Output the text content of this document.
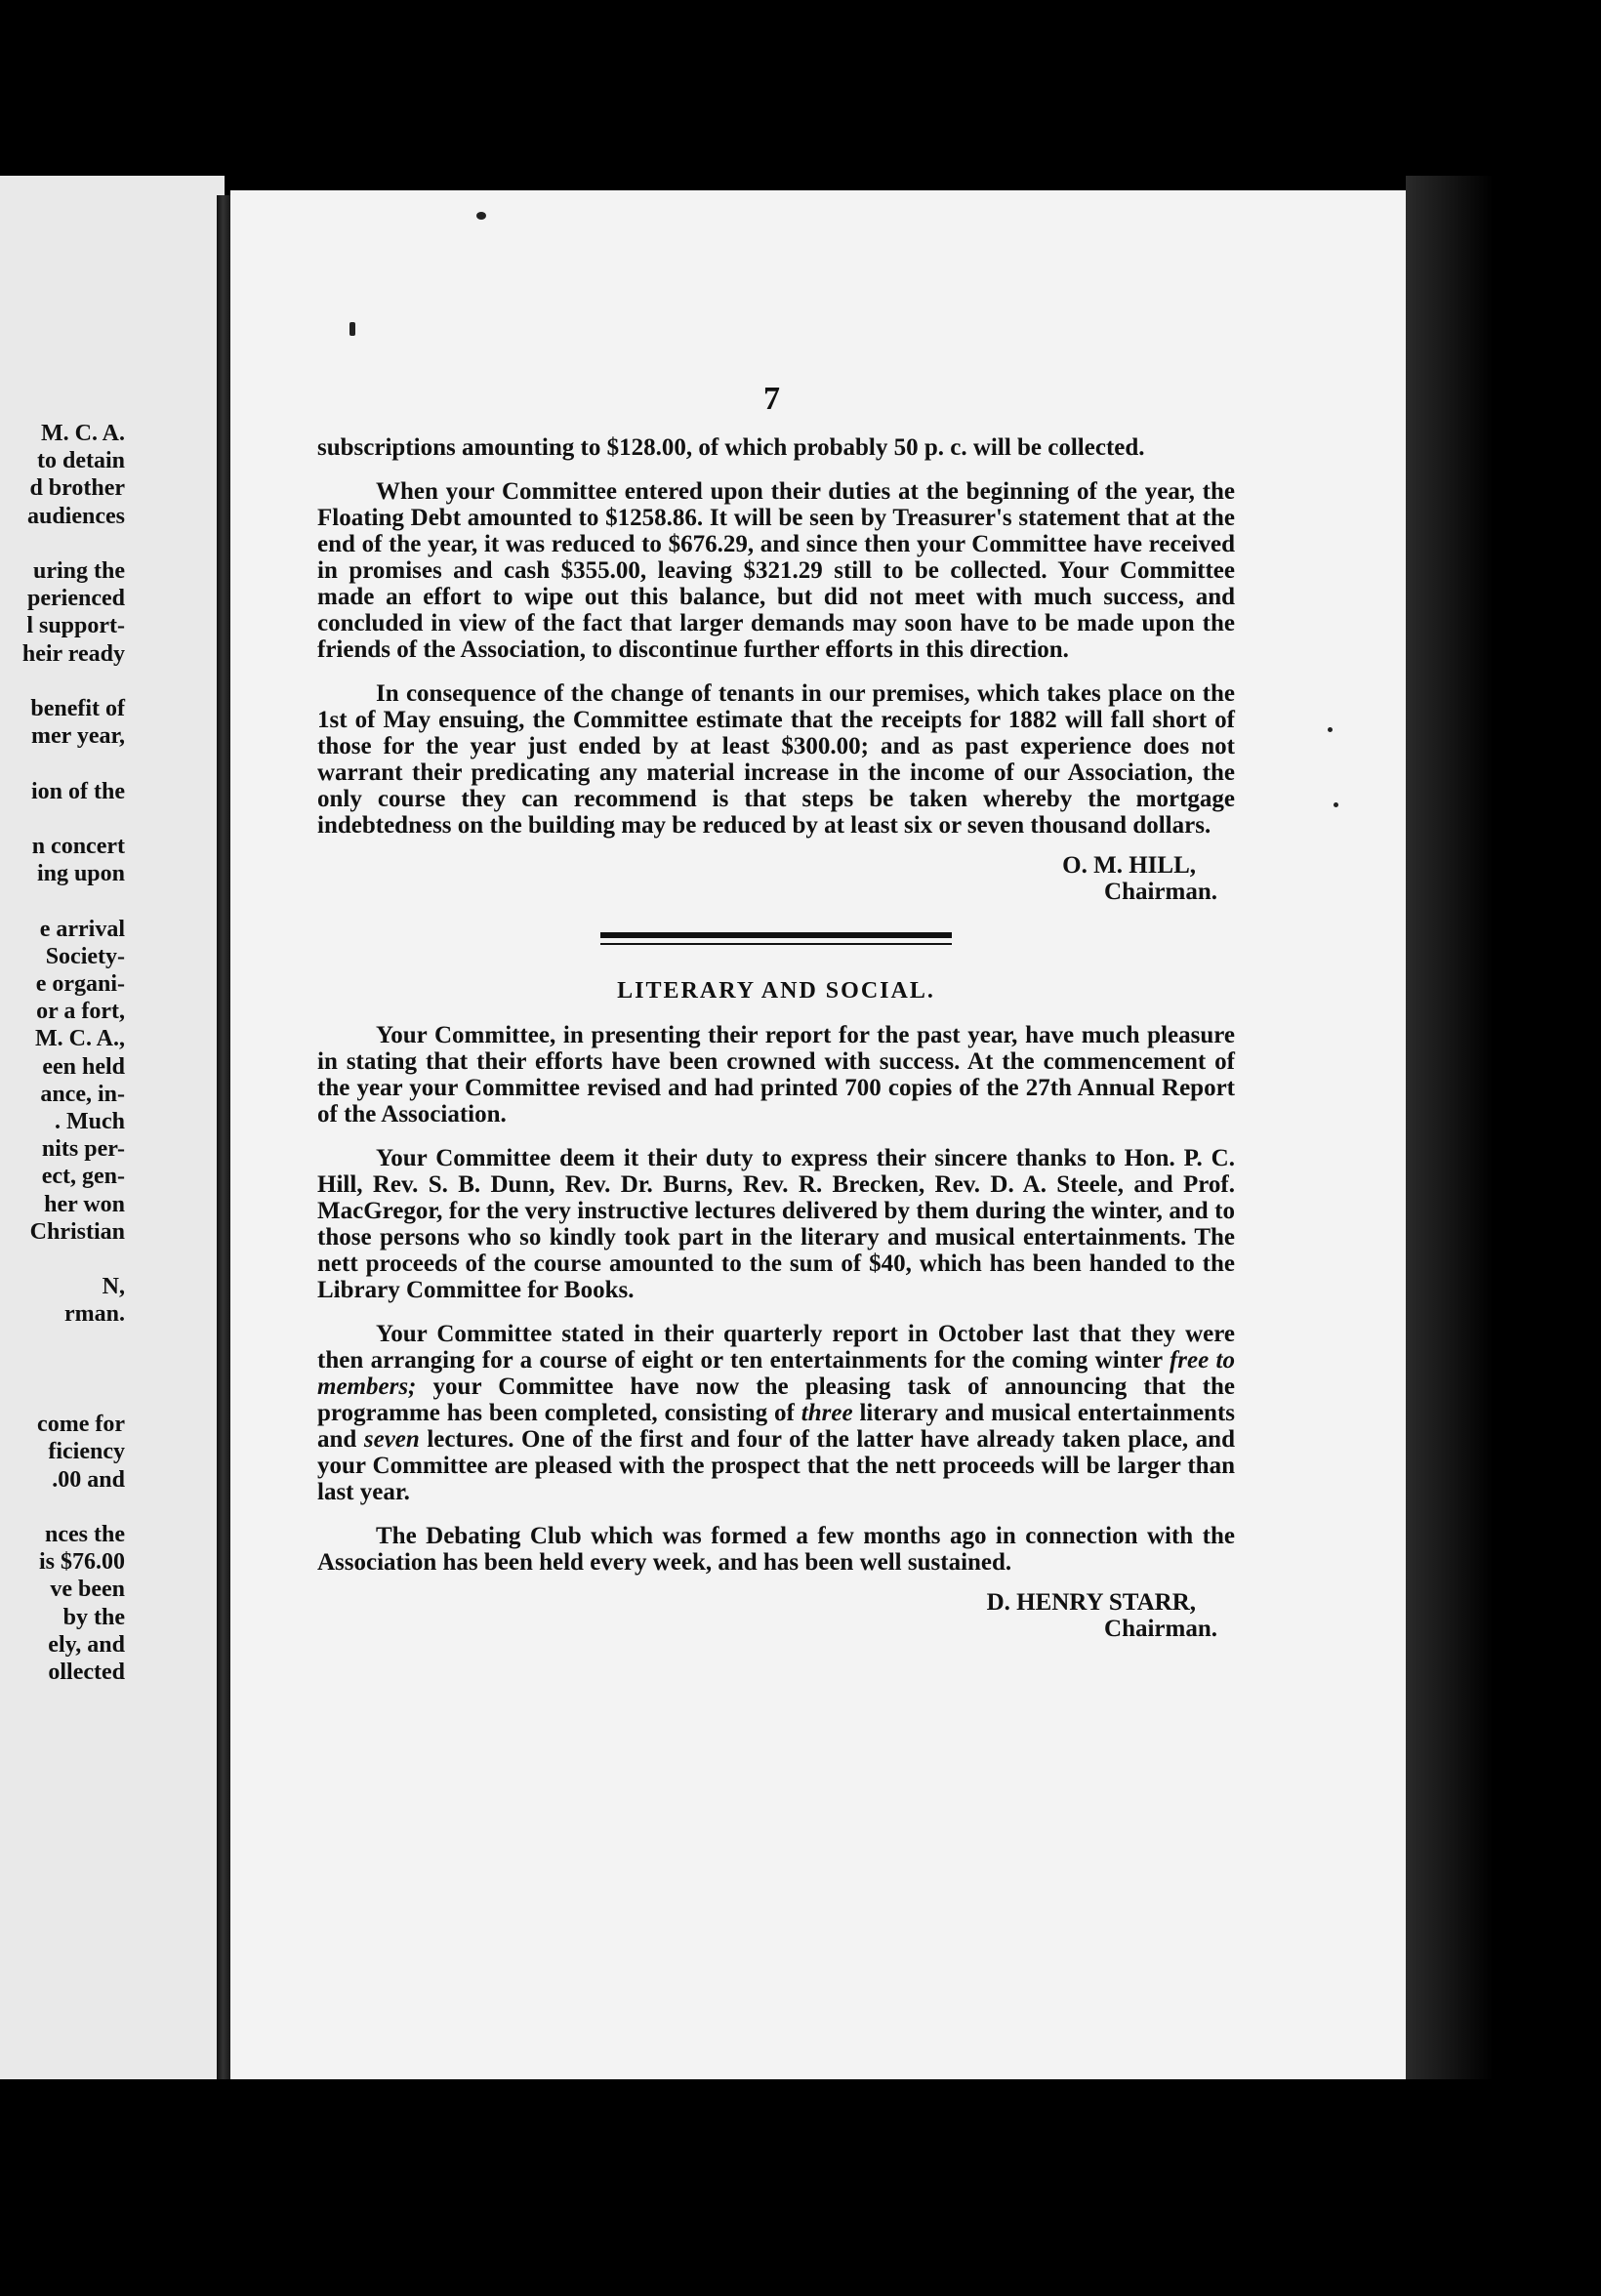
M. C. A.
to detain
d brother
audiences
uring the
perienced
l support-
heir ready
benefit of
mer year,
ion of the
n concert
ing upon
e arrival
Society-
e organi-
or a fort,
M. C. A.,
een held
ance, in-
. Much
nits per-
ect, gen-
her won
Christian
N,
rman.
come for
ficiency
.00 and
nces the
is $76.00
ve been
by the
ely, and
ollected
7

subscriptions amounting to $128.00, of which probably 50 p. c. will be collected.

When your Committee entered upon their duties at the beginning of the year, the Floating Debt amounted to $1258.86. It will be seen by Treasurer's statement that at the end of the year, it was reduced to $676.29, and since then your Committee have received in promises and cash $355.00, leaving $321.29 still to be collected. Your Committee made an effort to wipe out this balance, but did not meet with much success, and concluded in view of the fact that larger demands may soon have to be made upon the friends of the Association, to discontinue further efforts in this direction.

In consequence of the change of tenants in our premises, which takes place on the 1st of May ensuing, the Committee estimate that the receipts for 1882 will fall short of those for the year just ended by at least $300.00; and as past experience does not warrant their predicating any material increase in the income of our Association, the only course they can recommend is that steps be taken whereby the mortgage indebtedness on the building may be reduced by at least six or seven thousand dollars.

O. M. HILL,
Chairman.
LITERARY AND SOCIAL.

Your Committee, in presenting their report for the past year, have much pleasure in stating that their efforts have been crowned with success. At the commencement of the year your Committee revised and had printed 700 copies of the 27th Annual Report of the Association.

Your Committee deem it their duty to express their sincere thanks to Hon. P. C. Hill, Rev. S. B. Dunn, Rev. Dr. Burns, Rev. R. Brecken, Rev. D. A. Steele, and Prof. MacGregor, for the very instructive lectures delivered by them during the winter, and to those persons who so kindly took part in the literary and musical entertainments. The nett proceeds of the course amounted to the sum of $40, which has been handed to the Library Committee for Books.

Your Committee stated in their quarterly report in October last that they were then arranging for a course of eight or ten entertainments for the coming winter free to members; your Committee have now the pleasing task of announcing that the programme has been completed, consisting of three literary and musical entertainments and seven lectures. One of the first and four of the latter have already taken place, and your Committee are pleased with the prospect that the nett proceeds will be larger than last year.

The Debating Club which was formed a few months ago in connection with the Association has been held every week, and has been well sustained.

D. HENRY STARR,
Chairman.
